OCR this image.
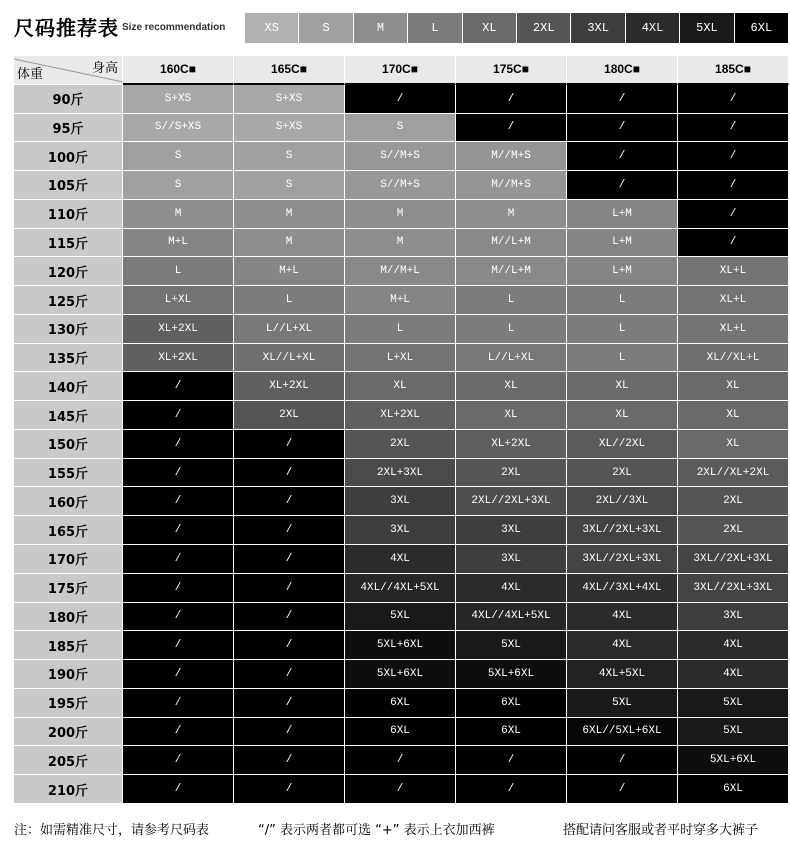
尺码推荐表 Size recommendation	XS	S	M	L	XL	2XL	3XL	4XL	5XL	6XL
身高
体重	160C■	165C■	170C■	175C■	180C■	185C■
90斤	S+XS	S+XS	/	/	/	/
95斤	S//S+XS	S+XS	S	/	/	/
100斤	S	S	S//M+S	M//M+S	/	/
105斤	S	S	S//M+S	M//M+S	/	/
110斤	M	M	M	M	L+M	/
115斤	M+L	M	M	M//L+M	L+M	/
120斤	L	M+L	M//M+L	M//L+M	L+M	XL+L
125斤	L+XL	L	M+L	L	L	XL+L
130斤	XL+2XL	L//L+XL	L	L	L	XL+L
135斤	XL+2XL	XL//L+XL	L+XL	L//L+XL	L	XL//XL+L
140斤	/	XL+2XL	XL	XL	XL	XL
145斤	/	2XL	XL+2XL	XL	XL	XL
150斤	/	/	2XL	XL+2XL	XL//2XL	XL
155斤	/	/	2XL+3XL	2XL	2XL	2XL//XL+2XL
160斤	/	/	3XL	2XL//2XL+3XL	2XL//3XL	2XL
165斤	/	/	3XL	3XL	3XL//2XL+3XL	2XL
170斤	/	/	4XL	3XL	3XL//2XL+3XL	3XL//2XL+3XL
175斤	/	/	4XL//4XL+5XL	4XL	4XL//3XL+4XL	3XL//2XL+3XL
180斤	/	/	5XL	4XL//4XL+5XL	4XL	3XL
185斤	/	/	5XL+6XL	5XL	4XL	4XL
190斤	/	/	5XL+6XL	5XL+6XL	4XL+5XL	4XL
195斤	/	/	6XL	6XL	5XL	5XL
200斤	/	/	6XL	6XL	6XL//5XL+6XL	5XL
205斤	/	/	/	/	/	5XL+6XL
210斤	/	/	/	/	/	6XL
注：如需精准尺寸，请参考尺码表	“/” 表示两者都可选 “+” 表示上衣加西裤	搭配请问客服或者平时穿多大裤子
